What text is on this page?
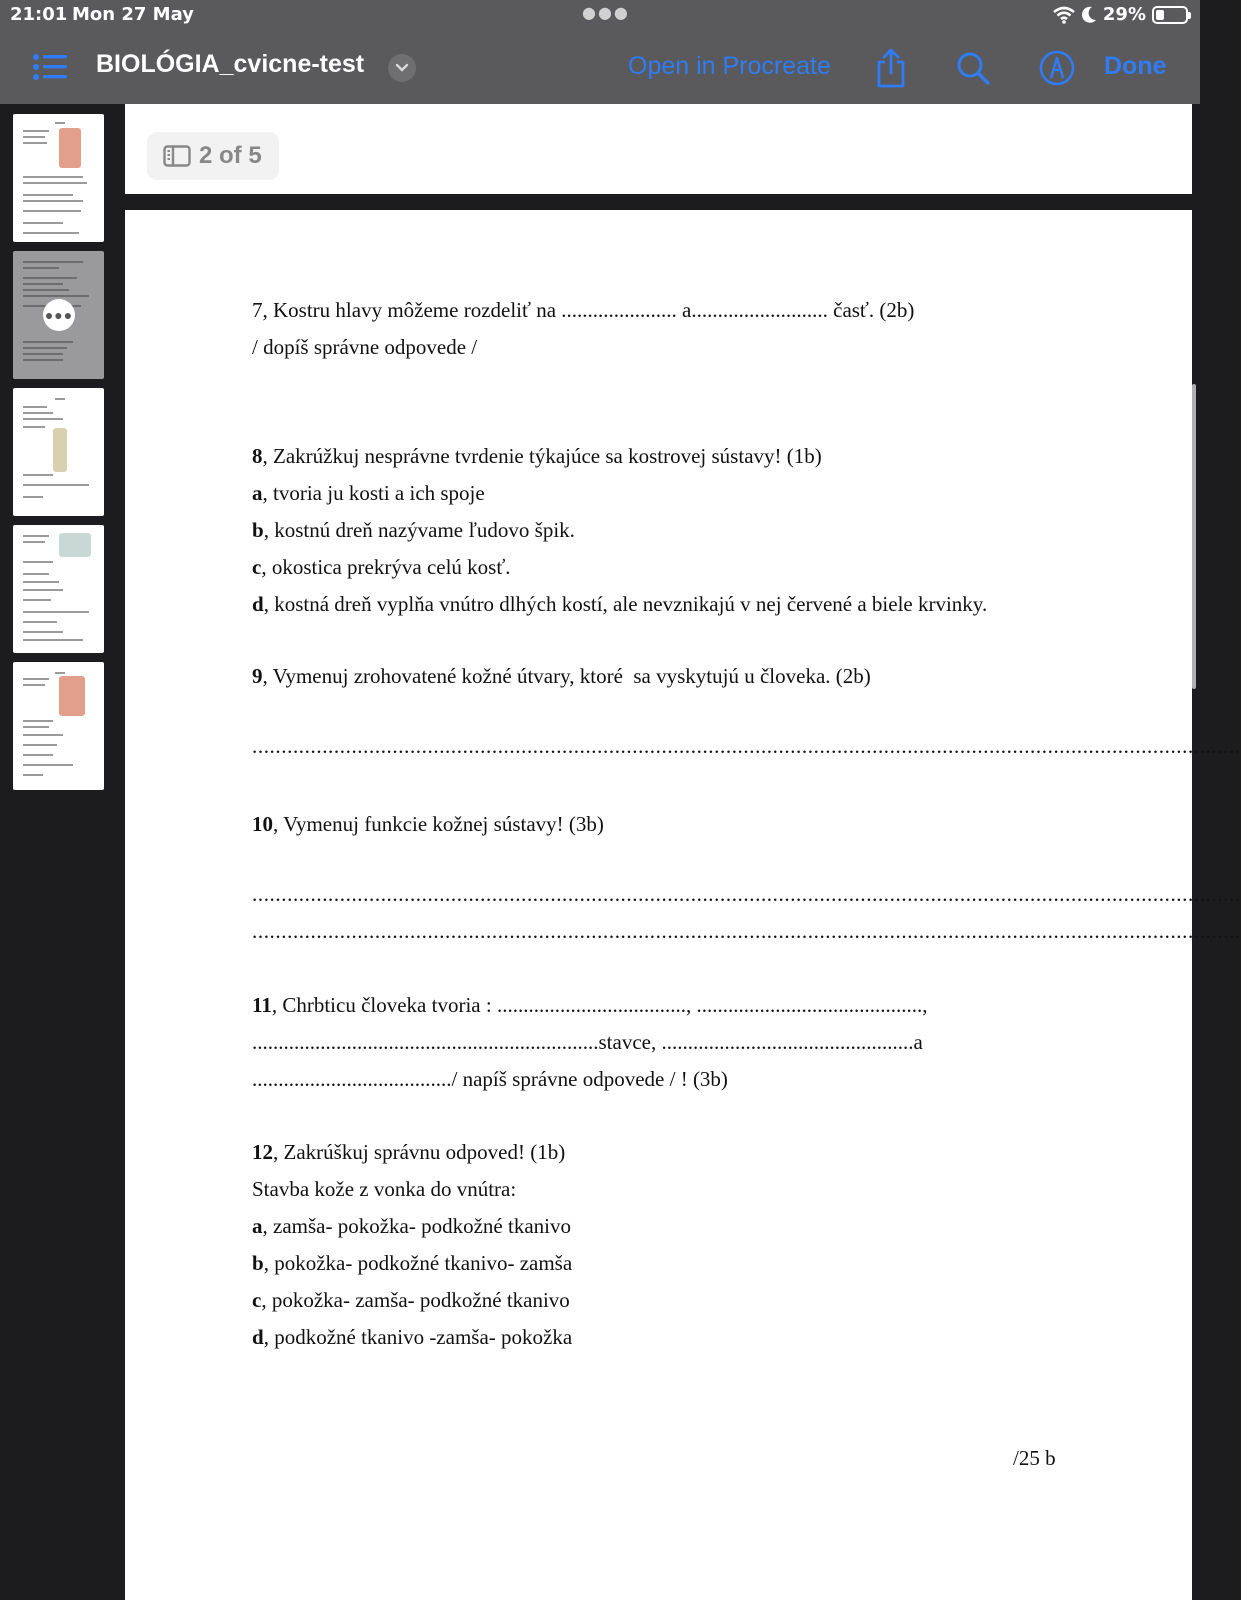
21:01 Mon 27 May	●●●	29%
BIOLÓGIA_cvicne-test	Open in Procreate	Done
●●●
2 of 5

7, Kostru hlavy môžeme rozdeliť na ...................... a.......................... časť. (2b)

/ dopíš správne odpovede /

8, Zakrúžkuj nesprávne tvrdenie týkajúce sa kostrovej sústavy! (1b)

a, tvoria ju kosti a ich spoje

b, kostnú dreň nazývame ľudovo špik.

c, okostica prekrýva celú kosť.

d, kostná dreň vyplňa vnútro dlhých kostí, ale nevznikajú v nej červené a biele krvinky.

9, Vymenuj zrohovatené kožné útvary, ktoré  sa vyskytujú u človeka. (2b)

.........................................................................................................................................................................

10, Vymenuj funkcie kožnej sústavy! (3b)

.........................................................................................................................................................................

.........................................................................................................................................................................

11, Chrbticu človeka tvoria : ...................................., ...........................................,

..................................................................stavce, ................................................a

....................................../ napíš správne odpovede / ! (3b)

12, Zakrúškuj správnu odpoved! (1b)

Stavba kože z vonka do vnútra:

a, zamša- pokožka- podkožné tkanivo

b, pokožka- podkožné tkanivo- zamša

c, pokožka- zamša- podkožné tkanivo

d, podkožné tkanivo -zamša- pokožka

/25 b
